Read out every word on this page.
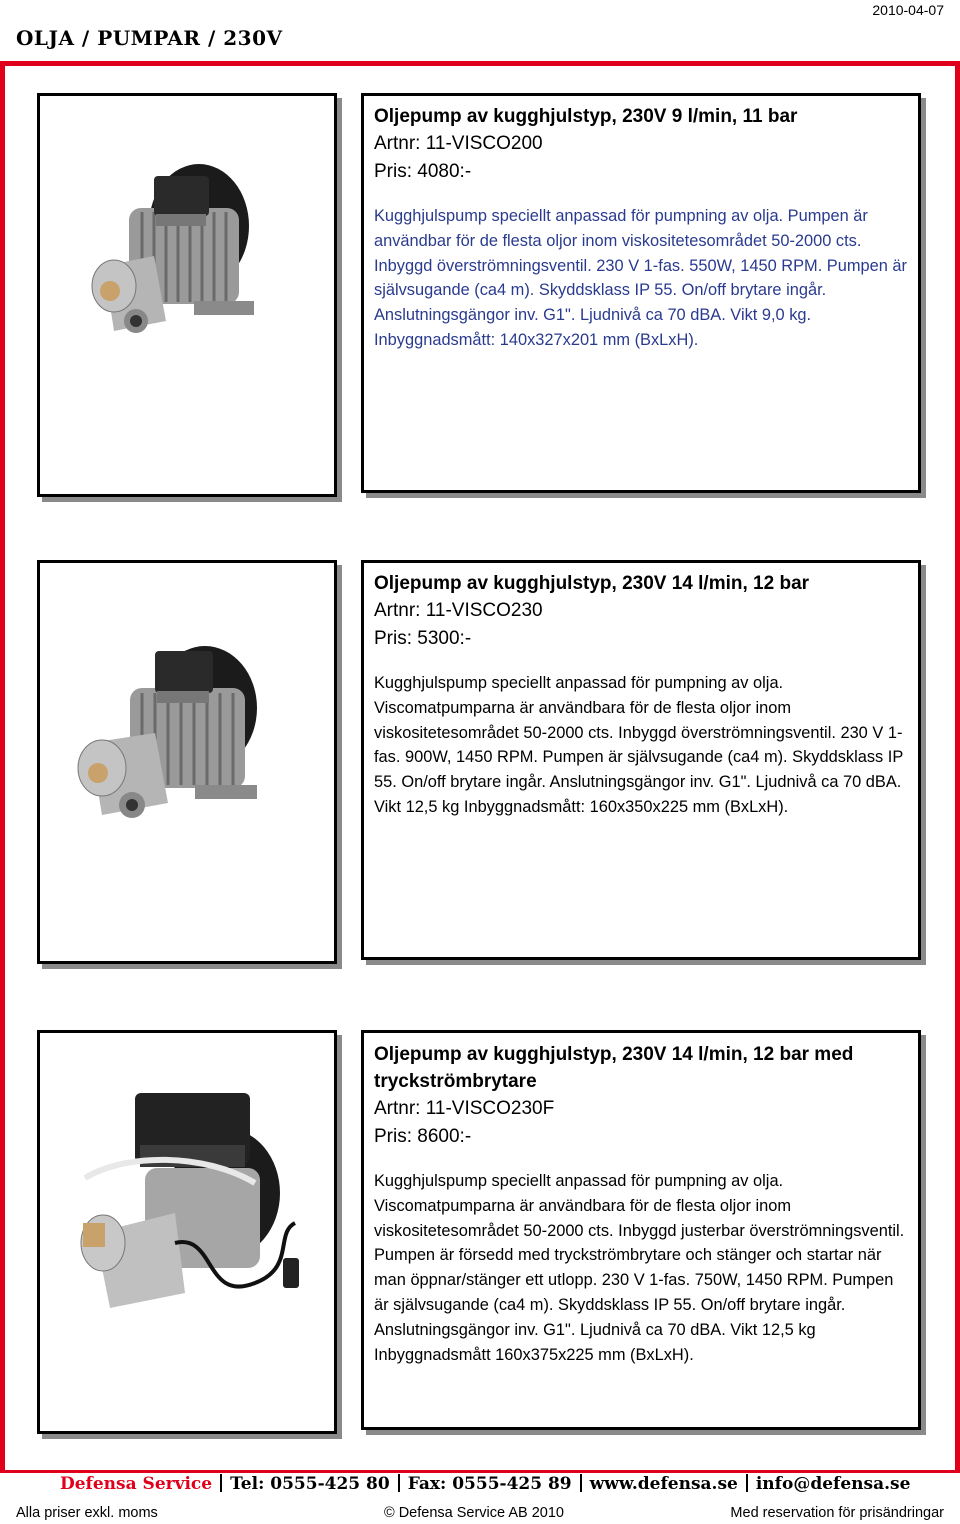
2010-04-07
OLJA / PUMPAR / 230V
Oljepump av kugghjulstyp, 230V 9 l/min, 11 bar
Artnr: 11-VISCO200
Pris: 4080:-
Kugghjulspump speciellt anpassad för pumpning av olja. Pumpen är användbar för de flesta oljor inom viskositetesområdet 50-2000 cts. Inbyggd överströmningsventil. 230 V 1-fas. 550W, 1450 RPM. Pumpen är självsugande (ca4 m). Skyddsklass IP 55. On/off brytare ingår. Anslutningsgängor inv. G1". Ljudnivå ca 70 dBA. Vikt 9,0 kg. Inbyggnadsmått: 140x327x201 mm (BxLxH).
Oljepump av kugghjulstyp, 230V 14 l/min, 12 bar
Artnr: 11-VISCO230
Pris: 5300:-
Kugghjulspump speciellt anpassad för pumpning av olja. Viscomatpumparna är användbara för de flesta oljor inom viskositetesområdet 50-2000 cts. Inbyggd överströmningsventil. 230 V 1-fas. 900W, 1450 RPM. Pumpen är självsugande (ca4 m). Skyddsklass IP 55. On/off brytare ingår. Anslutningsgängor inv. G1". Ljudnivå ca 70 dBA. Vikt 12,5 kg Inbyggnadsmått: 160x350x225 mm (BxLxH).
Oljepump av kugghjulstyp, 230V 14 l/min, 12 bar med tryckströmbrytare
Artnr: 11-VISCO230F
Pris: 8600:-
Kugghjulspump speciellt anpassad för pumpning av olja. Viscomatpumparna är användbara för de flesta oljor inom viskositetesområdet 50-2000 cts. Inbyggd justerbar överströmningsventil. Pumpen är försedd med tryckströmbrytare och stänger och startar när man öppnar/stänger ett utlopp. 230 V 1-fas. 750W, 1450 RPM. Pumpen är självsugande (ca4 m). Skyddsklass IP 55. On/off brytare ingår. Anslutningsgängor inv. G1". Ljudnivå ca 70 dBA. Vikt 12,5 kg Inbyggnadsmått 160x375x225 mm (BxLxH).
Defensa Service Tel: 0555-425 80 Fax: 0555-425 89 www.defensa.se info@defensa.se
Alla priser exkl. moms	© Defensa Service AB 2010	Med reservation för prisändringar
